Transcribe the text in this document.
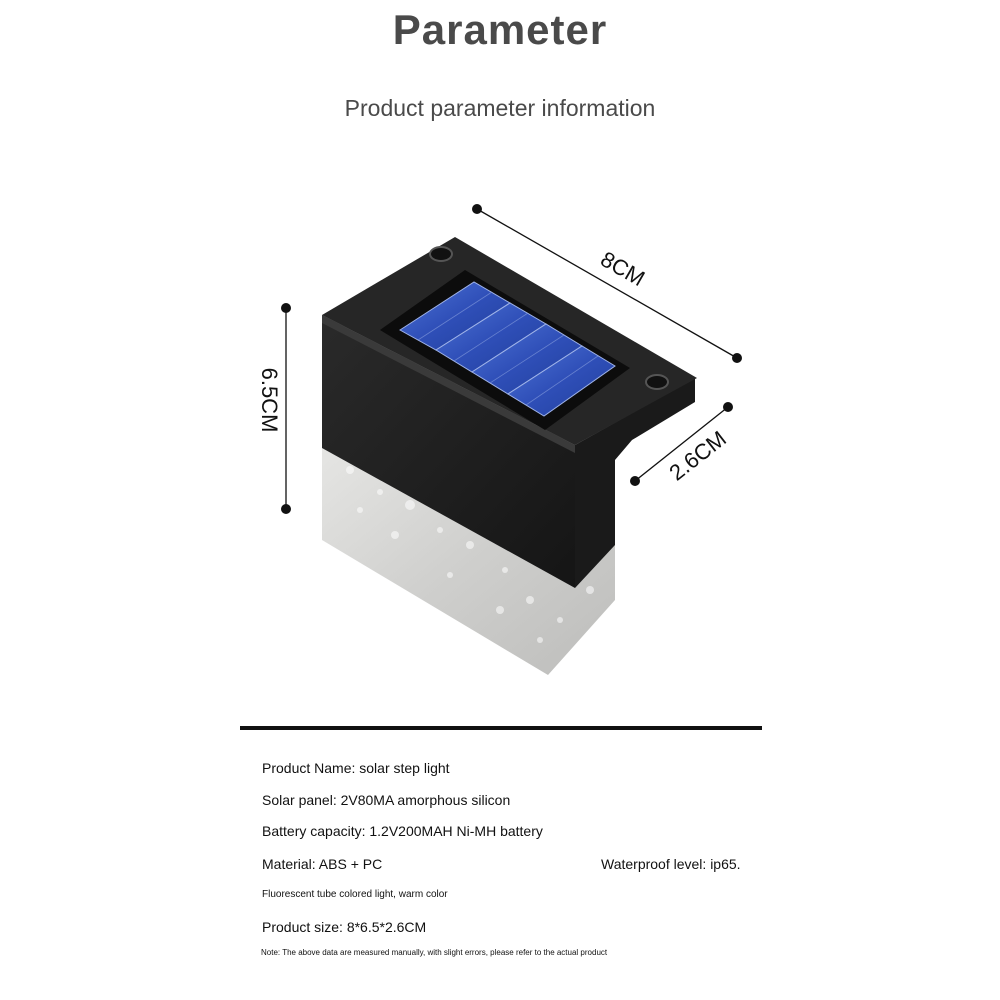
Parameter
Product parameter information
8CM
6.5CM
2.6CM
Product Name: solar step light
Solar panel: 2V80MA amorphous silicon
Battery capacity: 1.2V200MAH Ni-MH battery
Material: ABS + PC	Waterproof level: ip65.
Fluorescent tube colored light, warm color
Product size: 8*6.5*2.6CM
Note: The above data are measured manually, with slight errors, please refer to the actual product
